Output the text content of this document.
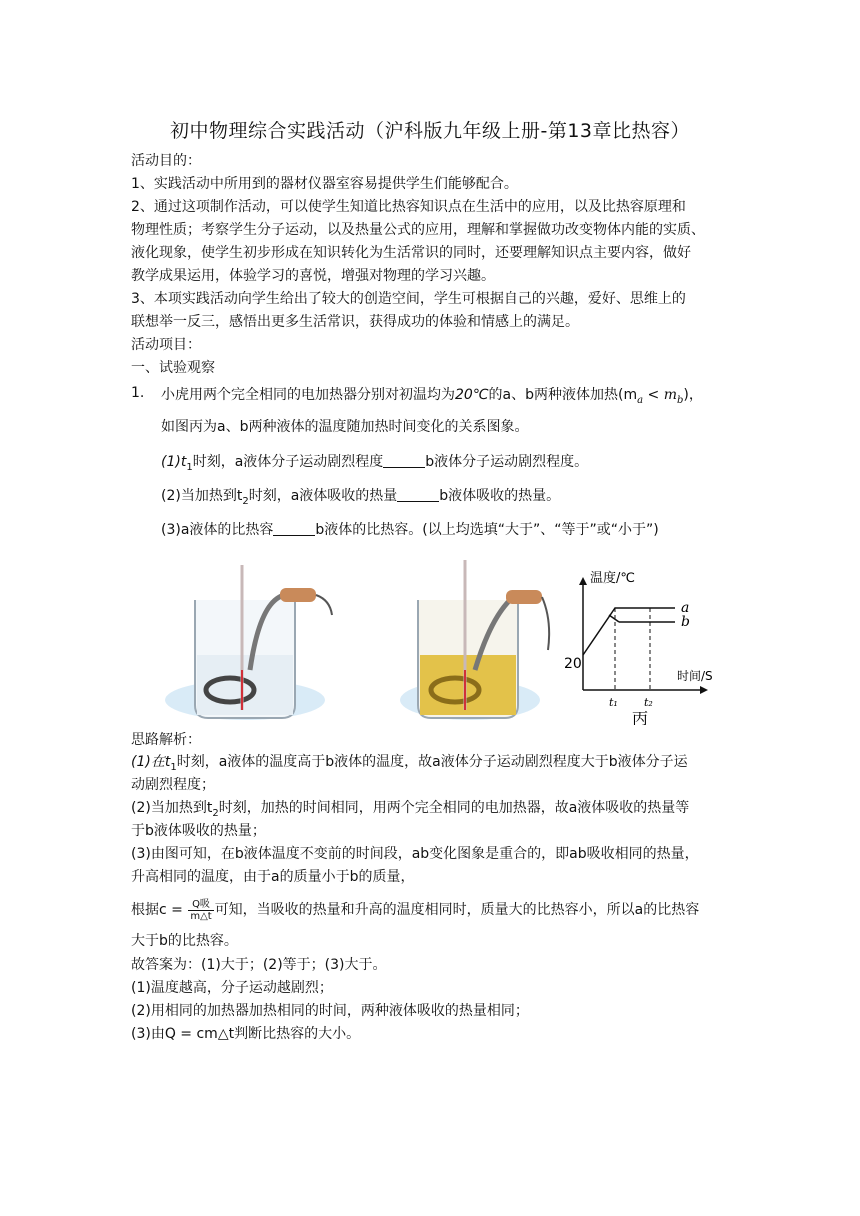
初中物理综合实践活动（沪科版九年级上册-第13章比热容）
活动目的：
1、实践活动中所用到的器材仪器室容易提供学生们能够配合。
2、通过这项制作活动，可以使学生知道比热容知识点在生活中的应用，以及比热容原理和
物理性质；考察学生分子运动，以及热量公式的应用，理解和掌握做功改变物体内能的实质、
液化现象，使学生初步形成在知识转化为生活常识的同时，还要理解知识点主要内容，做好
教学成果运用，体验学习的喜悦，增强对物理的学习兴趣。
3、本项实践活动向学生给出了较大的创造空间，学生可根据自己的兴趣，爱好、思维上的
联想举一反三，感悟出更多生活常识，获得成功的体验和情感上的满足。
活动项目：
一、试验观察
1. 小虎用两个完全相同的电加热器分别对初温均为20℃的a、b两种液体加热$(m_a < m_b)$，
如图丙为a、b两种液体的温度随加热时间变化的关系图象。
$(1)t_1$时刻，a液体分子运动剧烈程度	b液体分子运动剧烈程度。
(2)当加热到$t_2$时刻，a液体吸收的热量	b液体吸收的热量。
(3)a液体的比热容	b液体的比热容。(以上均选填“大于”、“等于”或“小于”)
温度/℃
时间/S
20
a
b
t₁ t₂
丙
思路解析：
(1)在$t_1$时刻，a液体的温度高于b液体的温度，故a液体分子运动剧烈程度大于b液体分子运
动剧烈程度；
(2)当加热到$t_2$时刻，加热的时间相同，用两个完全相同的电加热器，故a液体吸收的热量等
于b液体吸收的热量；
(3)由图可知，在b液体温度不变前的时间段，ab变化图象是重合的，即ab吸收相同的热量，
升高相同的温度，由于a的质量小于b的质量，
根据$c = \frac{\text{Q吸}}{m\triangle t}$ 可知，当吸收的热量和升高的温度相同时，质量大的比热容小，所以a的比热容
大于b的比热容。
故答案为：(1)大于；(2)等于；(3)大于。
(1)温度越高，分子运动越剧烈；
(2)用相同的加热器加热相同的时间，两种液体吸收的热量相同；
(3)由Q = cm△t判断比热容的大小。
